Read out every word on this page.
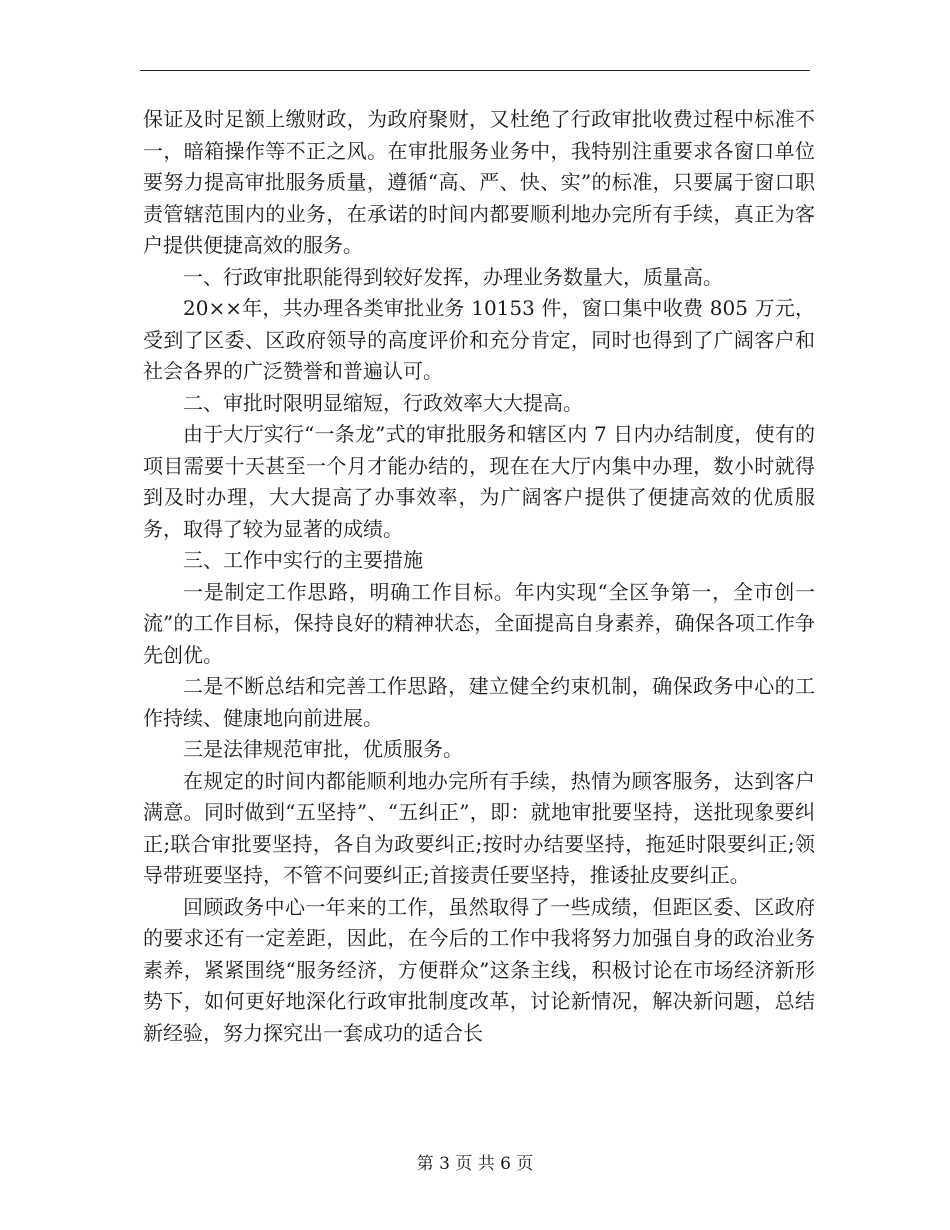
保证及时足额上缴财政，为政府聚财，又杜绝了行政审批收费过程中标准不一，暗箱操作等不正之风。在审批服务业务中，我特别注重要求各窗口单位要努力提高审批服务质量，遵循“高、严、快、实”的标准，只要属于窗口职责管辖范围内的业务，在承诺的时间内都要顺利地办完所有手续，真正为客户提供便捷高效的服务。

一、行政审批职能得到较好发挥，办理业务数量大，质量高。

20××年，共办理各类审批业务 10153 件，窗口集中收费 805 万元，受到了区委、区政府领导的高度评价和充分肯定，同时也得到了广阔客户和社会各界的广泛赞誉和普遍认可。

二、审批时限明显缩短，行政效率大大提高。

由于大厅实行“一条龙”式的审批服务和辖区内 7 日内办结制度，使有的项目需要十天甚至一个月才能办结的，现在在大厅内集中办理，数小时就得到及时办理，大大提高了办事效率，为广阔客户提供了便捷高效的优质服务，取得了较为显著的成绩。

三、工作中实行的主要措施

一是制定工作思路，明确工作目标。年内实现“全区争第一，全市创一流”的工作目标，保持良好的精神状态，全面提高自身素养，确保各项工作争先创优。

二是不断总结和完善工作思路，建立健全约束机制，确保政务中心的工作持续、健康地向前进展。

三是法律规范审批，优质服务。

在规定的时间内都能顺利地办完所有手续，热情为顾客服务，达到客户满意。同时做到“五坚持”、“五纠正”，即：就地审批要坚持，送批现象要纠正;联合审批要坚持，各自为政要纠正;按时办结要坚持，拖延时限要纠正;领导带班要坚持，不管不问要纠正;首接责任要坚持，推诿扯皮要纠正。

回顾政务中心一年来的工作，虽然取得了一些成绩，但距区委、区政府的要求还有一定差距，因此，在今后的工作中我将努力加强自身的政治业务素养，紧紧围绕“服务经济，方便群众”这条主线，积极讨论在市场经济新形势下，如何更好地深化行政审批制度改革，讨论新情况，解决新问题，总结新经验，努力探究出一套成功的适合长

第 3 页 共 6 页
